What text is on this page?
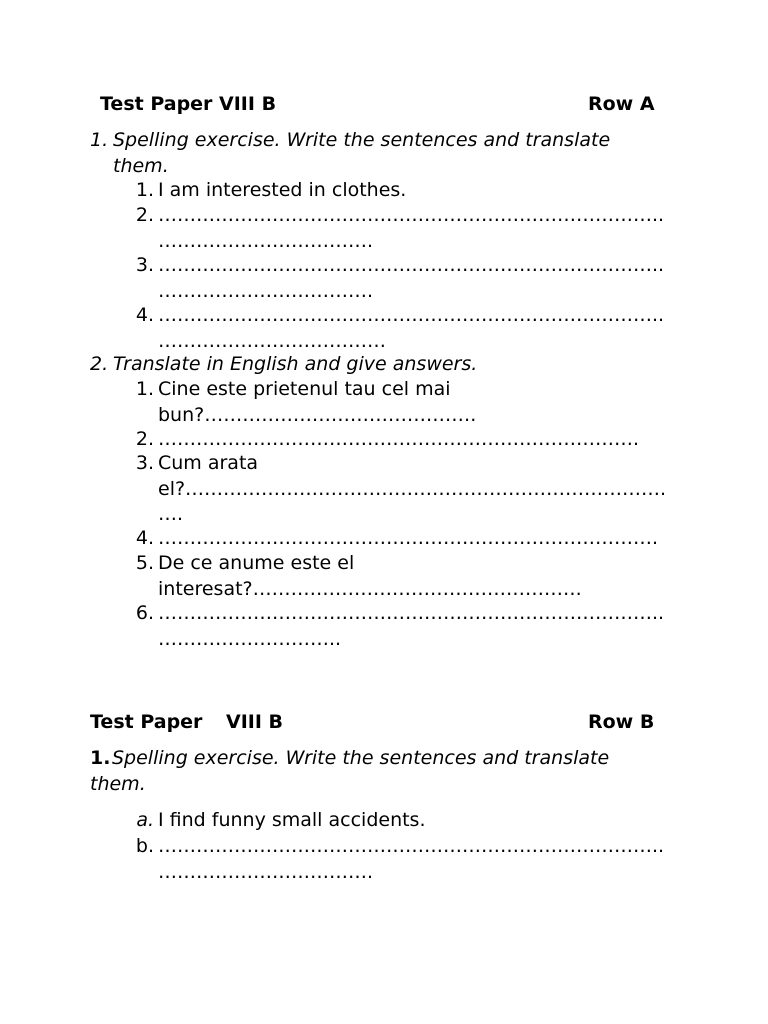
Test Paper VIII B	Row A
1. Spelling exercise. Write the sentences and translate
them.
1. I am interested in clothes.
2. ……………………………………………………………………..
…………………………….
3. ……………………………………………………………………..
…………………………….
4. ……………………………………………………………………..
………………………………
2. Translate in English and give answers.
1. Cine este prietenul tau cel mai
bun?…………………………………….
2. ………………………………………………………………….
3. Cum arata
el?………………………………………………………………….
….
4. …………………………………………………………………….
5. De ce anume este el
interesat?…………………………………………….
6. ……………………………………………………………………..
………………………..
Test Paper VIII B	Row B
1. Spelling exercise. Write the sentences and translate
them.
a. I find funny small accidents.
b. ……………………………………………………………………..
…………………………….
